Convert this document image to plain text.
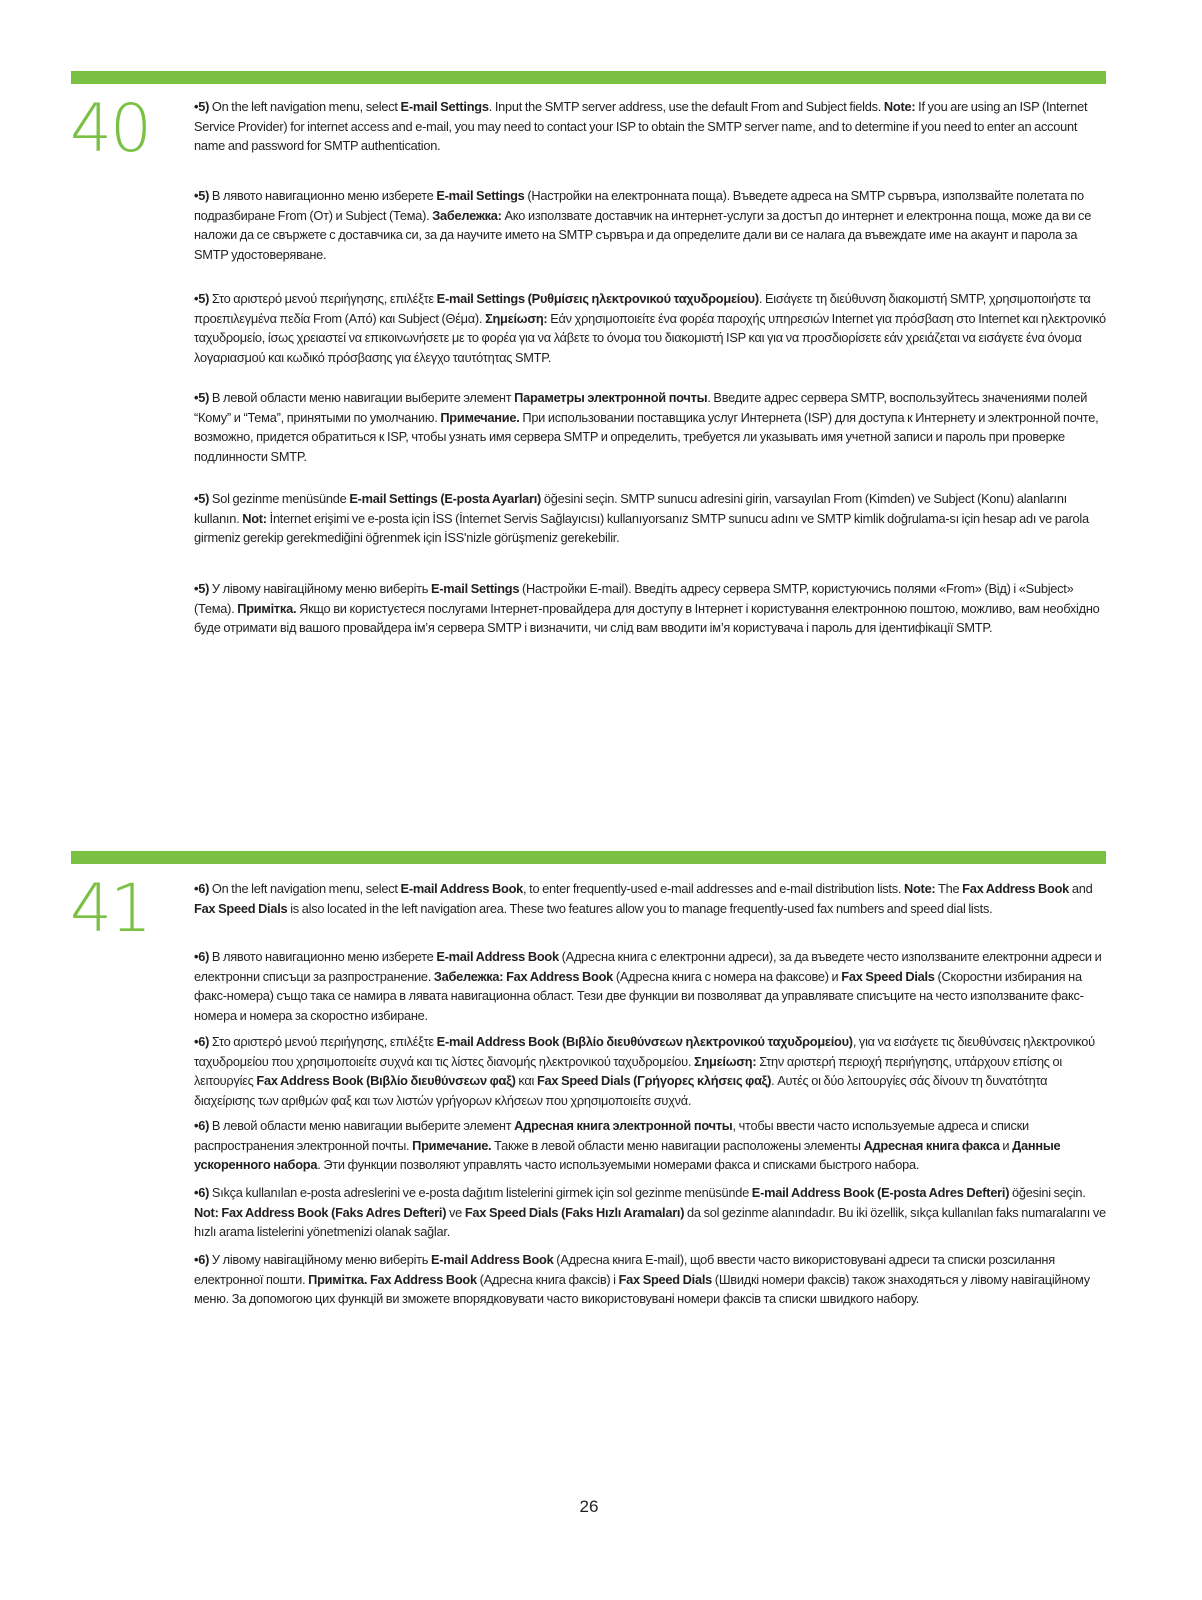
40	•5) On the left navigation menu, select E-mail Settings. Input the SMTP server address, use the default From and Subject fields. Note: If you are using an ISP (Internet Service Provider) for internet access and e-mail, you may need to contact your ISP to obtain the SMTP server name, and to determine if you need to enter an account name and password for SMTP authentication.

•5) В лявото навигационно меню изберете E-mail Settings (Настройки на електронната поща). Въведете адреса на SMTP сървъра, използвайте полетата по подразбиране From (От) и Subject (Тема). Забележка: Ако използвате доставчик на интернет-услуги за достъп до интернет и електронна поща, може да ви се наложи да се свържете с доставчика си, за да научите името на SMTP сървъра и да определите дали ви се налага да въвеждате име на акаунт и парола за SMTP удостоверяване.

•5) Στο αριστερό μενού περιήγησης, επιλέξτε E-mail Settings (Ρυθμίσεις ηλεκτρονικού ταχυδρομείου). Εισάγετε τη διεύθυνση διακομιστή SMTP, χρησιμοποιήστε τα προεπιλεγμένα πεδία From (Από) και Subject (Θέμα). Σημείωση: Εάν χρησιμοποιείτε ένα φορέα παροχής υπηρεσιών Internet για πρόσβαση στο Internet και ηλεκτρονικό ταχυδρομείο, ίσως χρειαστεί να επικοινωνήσετε με το φορέα για να λάβετε το όνομα του διακομιστή ISP και για να προσδιορίσετε εάν χρειάζεται να εισάγετε ένα όνομα λογαριασμού και κωδικό πρόσβασης για έλεγχο ταυτότητας SMTP.

•5) В левой области меню навигации выберите элемент Параметры электронной почты. Введите адрес сервера SMTP, воспользуйтесь значениями полей “Кому” и “Тема”, принятыми по умолчанию. Примечание. При использовании поставщика услуг Интернета (ISP) для доступа к Интернету и электронной почте, возможно, придется обратиться к ISP, чтобы узнать имя сервера SMTP и определить, требуется ли указывать имя учетной записи и пароль при проверке подлинности SMTP.

•5) Sol gezinme menüsünde E-mail Settings (E-posta Ayarları) öğesini seçin. SMTP sunucu adresini girin, varsayılan From (Kimden) ve Subject (Konu) alanlarını kullanın. Not: İnternet erişimi ve e-posta için İSS (İnternet Servis Sağlayıcısı) kullanıyorsanız SMTP sunucu adını ve SMTP kimlik doğrulama-sı için hesap adı ve parola girmeniz gerekip gerekmediğini öğrenmek için İSS'nizle görüşmeniz gerekebilir.

•5) У лівому навігаційному меню виберіть E-mail Settings (Настройки E-mail). Введіть адресу сервера SMTP, користуючись полями «From» (Від) і «Subject» (Тема). Примітка. Якщо ви користуєтеся послугами Інтернет-провайдера для доступу в Інтернет і користування електронною поштою, можливо, вам необхідно буде отримати від вашого провайдера ім’я сервера SMTP і визначити, чи слід вам вводити ім’я користувача і пароль для ідентифікації SMTP.

41	•6) On the left navigation menu, select E-mail Address Book, to enter frequently-used e-mail addresses and e-mail distribution lists. Note: The Fax Address Book and Fax Speed Dials is also located in the left navigation area. These two features allow you to manage frequently-used fax numbers and speed dial lists.

•6) В лявото навигационно меню изберете E-mail Address Book (Адресна книга с електронни адреси), за да въведете често използваните електронни адреси и електронни списъци за разпространение. Забележка: Fax Address Book (Адресна книга с номера на факсове) и Fax Speed Dials (Скоростни избирания на факс-номера) също така се намира в лявата навигационна област. Тези две функции ви позволяват да управлявате списъците на често използваните факс-номера и номера за скоростно избиране.

•6) Στο αριστερό μενού περιήγησης, επιλέξτε E-mail Address Book (Βιβλίο διευθύνσεων ηλεκτρονικού ταχυδρομείου), για να εισάγετε τις διευθύνσεις ηλεκτρονικού ταχυδρομείου που χρησιμοποιείτε συχνά και τις λίστες διανομής ηλεκτρονικού ταχυδρομείου. Σημείωση: Στην αριστερή περιοχή περιήγησης, υπάρχουν επίσης οι λειτουργίες Fax Address Book (Βιβλίο διευθύνσεων φαξ) και Fax Speed Dials (Γρήγορες κλήσεις φαξ). Αυτές οι δύο λειτουργίες σάς δίνουν τη δυνατότητα διαχείρισης των αριθμών φαξ και των λιστών γρήγορων κλήσεων που χρησιμοποιείτε συχνά.

•6) В левой области меню навигации выберите элемент Адресная книга электронной почты, чтобы ввести часто используемые адреса и списки распространения электронной почты. Примечание. Также в левой области меню навигации расположены элементы Адресная книга факса и Данные ускоренного набора. Эти функции позволяют управлять часто используемыми номерами факса и списками быстрого набора.

•6) Sıkça kullanılan e-posta adreslerini ve e-posta dağıtım listelerini girmek için sol gezinme menüsünde E-mail Address Book (E-posta Adres Defteri) öğesini seçin. Not: Fax Address Book (Faks Adres Defteri) ve Fax Speed Dials (Faks Hızlı Aramaları) da sol gezinme alanındadır. Bu iki özellik, sıkça kullanılan faks numaralarını ve hızlı arama listelerini yönetmenizi olanak sağlar.

•6) У лівому навігаційному меню виберіть E-mail Address Book (Адресна книга E-mail), щоб ввести часто використовувані адреси та списки розсилання електронної пошти. Примітка. Fax Address Book (Адресна книга факсів) і Fax Speed Dials (Швидкі номери факсів) також знаходяться у лівому навігаційному меню. За допомогою цих функцій ви зможете впорядковувати часто використовувані номери факсів та списки швидкого набору.

26
